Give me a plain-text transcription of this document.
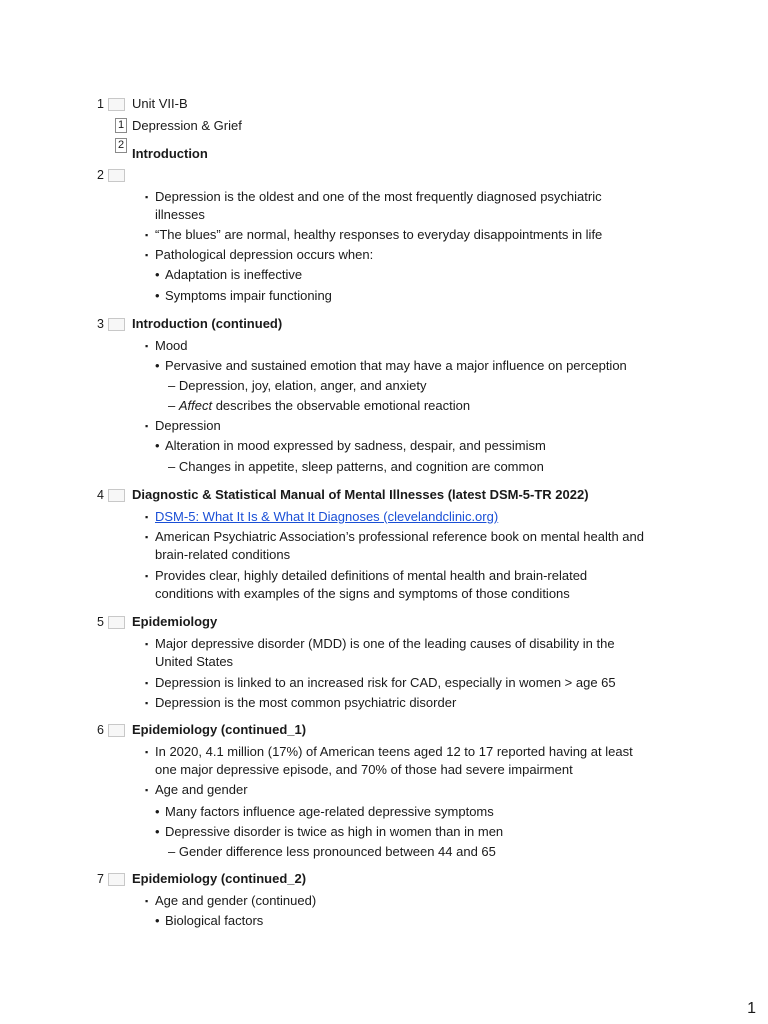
1 Unit VII-B
1 Depression & Grief
2
Introduction
2
▪ Depression is the oldest and one of the most frequently diagnosed psychiatric
illnesses
▪ “The blues” are normal, healthy responses to everyday disappointments in life
▪ Pathological depression occurs when:
• Adaptation is ineffective
• Symptoms impair functioning
3 Introduction (continued)
▪ Mood
• Pervasive and sustained emotion that may have a major influence on perception
– Depression, joy, elation, anger, and anxiety
– Affect describes the observable emotional reaction
▪ Depression
• Alteration in mood expressed by sadness, despair, and pessimism
– Changes in appetite, sleep patterns, and cognition are common
4 Diagnostic & Statistical Manual of Mental Illnesses (latest DSM-5-TR 2022)
▪ DSM-5: What It Is & What It Diagnoses (clevelandclinic.org)
▪ American Psychiatric Association’s professional reference book on mental health and
brain-related conditions
▪ Provides clear, highly detailed definitions of mental health and brain-related
conditions with examples of the signs and symptoms of those conditions
5 Epidemiology
▪ Major depressive disorder (MDD) is one of the leading causes of disability in the
United States
▪ Depression is linked to an increased risk for CAD, especially in women > age 65
▪ Depression is the most common psychiatric disorder
6 Epidemiology (continued_1)
▪ In 2020, 4.1 million (17%) of American teens aged 12 to 17 reported having at least
one major depressive episode, and 70% of those had severe impairment
▪ Age and gender
• Many factors influence age-related depressive symptoms
• Depressive disorder is twice as high in women than in men
– Gender difference less pronounced between 44 and 65
7 Epidemiology (continued_2)
▪ Age and gender (continued)
• Biological factors
1
